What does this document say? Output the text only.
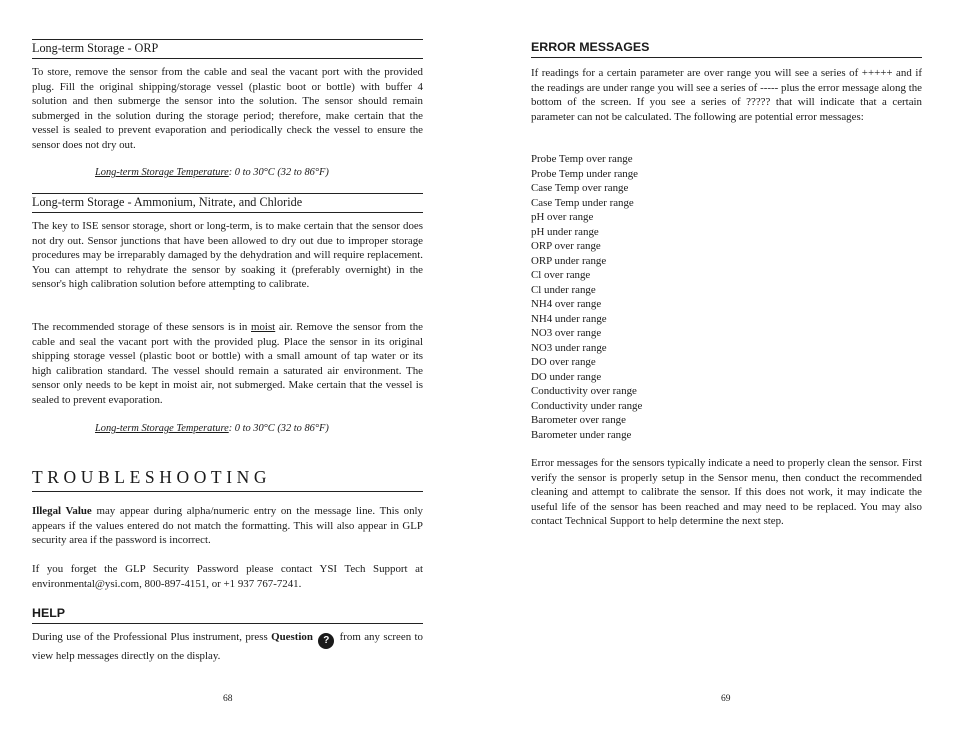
Long-term Storage - ORP

To store, remove the sensor from the cable and seal the vacant port with the provided plug. Fill the original shipping/storage vessel (plastic boot or bottle) with buffer 4 solution and then submerge the sensor into the solution. The sensor should remain submerged in the solution during the storage period; therefore, make certain that the vessel is sealed to prevent evaporation and periodically check the vessel to ensure the sensor does not dry out.

Long-term Storage Temperature: 0 to 30°C (32 to 86°F)

Long-term Storage - Ammonium, Nitrate, and Chloride

The key to ISE sensor storage, short or long-term, is to make certain that the sensor does not dry out. Sensor junctions that have been allowed to dry out due to improper storage procedures may be irreparably damaged by the dehydration and will require replacement. You can attempt to rehydrate the sensor by soaking it (preferably overnight) in the sensor's high calibration solution before attempting to calibrate.

The recommended storage of these sensors is in moist air. Remove the sensor from the cable and seal the vacant port with the provided plug. Place the sensor in its original shipping storage vessel (plastic boot or bottle) with a small amount of tap water or its high calibration standard. The vessel should remain a saturated air environment. The sensor only needs to be kept in moist air, not submerged. Make certain that the vessel is sealed to prevent evaporation.

Long-term Storage Temperature: 0 to 30°C (32 to 86°F)

TROUBLESHOOTING

Illegal Value may appear during alpha/numeric entry on the message line. This only appears if the values entered do not match the formatting. This will also appear in GLP security area if the password is incorrect.

If you forget the GLP Security Password please contact YSI Tech Support at environmental@ysi.com, 800-897-4151, or +1 937 767-7241.

HELP

During use of the Professional Plus instrument, press Question ? from any screen to view help messages directly on the display.

68

ERROR MESSAGES

If readings for a certain parameter are over range you will see a series of +++++ and if the readings are under range you will see a series of ----- plus the error message along the bottom of the screen. If you see a series of ????? that will indicate that a certain parameter can not be calculated. The following are potential error messages:

Probe Temp over range
Probe Temp under range
Case Temp over range
Case Temp under range
pH over range
pH under range
ORP over range
ORP under range
Cl over range
Cl under range
NH4 over range
NH4 under range
NO3 over range
NO3 under range
DO over range
DO under range
Conductivity over range
Conductivity under range
Barometer over range
Barometer under range

Error messages for the sensors typically indicate a need to properly clean the sensor. First verify the sensor is properly setup in the Sensor menu, then conduct the recommended cleaning and attempt to calibrate the sensor. If this does not work, it may indicate the useful life of the sensor has been reached and may need to be replaced. You may also contact Technical Support to help determine the next step.

69
